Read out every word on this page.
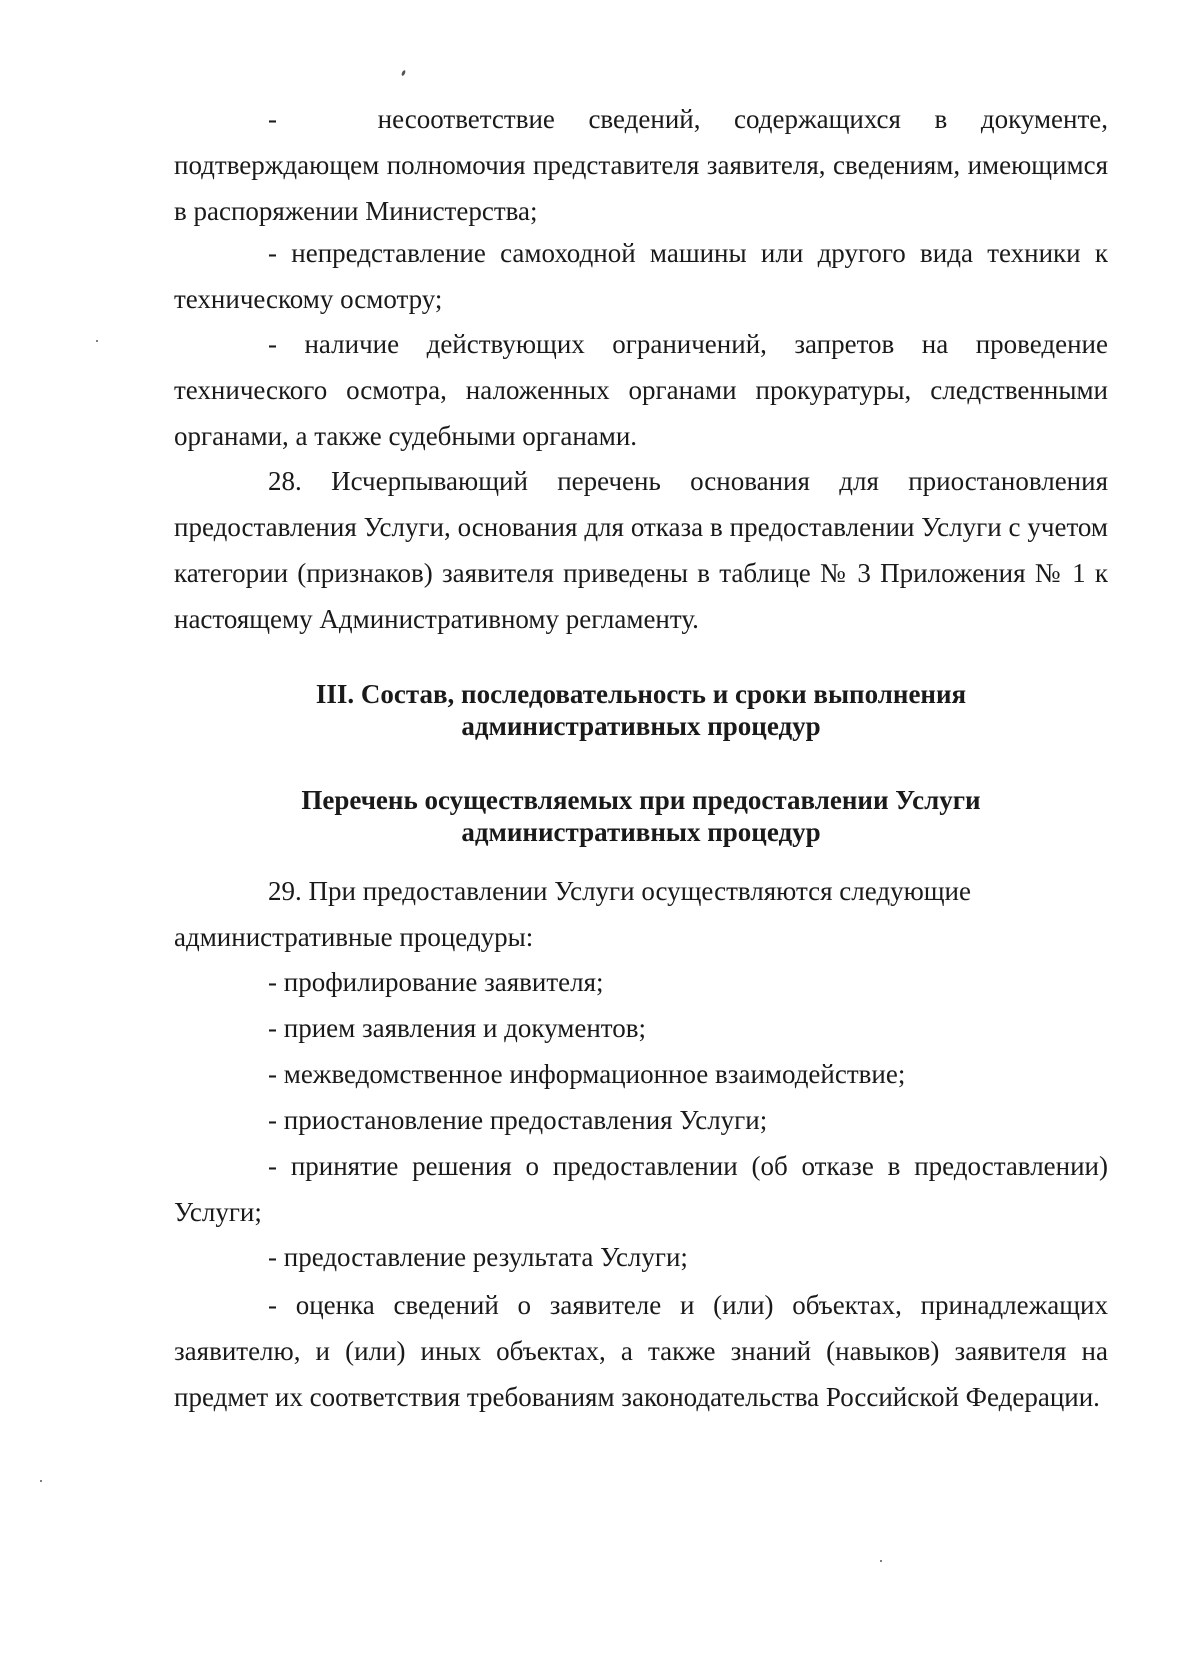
-   несоответствие сведений, содержащихся в документе, подтверждающем полномочия представителя заявителя, сведениям, имеющимся в распоряжении Министерства;

- непредставление самоходной машины или другого вида техники к техническому осмотру;

- наличие действующих ограничений, запретов на проведение технического осмотра, наложенных органами прокуратуры, следственными органами, а также судебными органами.

28. Исчерпывающий перечень основания для приостановления предоставления Услуги, основания для отказа в предоставлении Услуги с учетом категории (признаков) заявителя приведены в таблице № 3 Приложения № 1 к настоящему Административному регламенту.

III. Состав, последовательность и сроки выполнения
административных процедур
Перечень осуществляемых при предоставлении Услуги
административных процедур

29. При предоставлении Услуги осуществляются следующие

административные процедуры:

- профилирование заявителя;

- прием заявления и документов;

- межведомственное информационное взаимодействие;

- приостановление предоставления Услуги;

- принятие решения о предоставлении (об отказе в предоставлении) Услуги;

- предоставление результата Услуги;

- оценка сведений о заявителе и (или) объектах, принадлежащих заявителю, и (или) иных объектах, а также знаний (навыков) заявителя на предмет их соответствия требованиям законодательства Российской Федерации.
